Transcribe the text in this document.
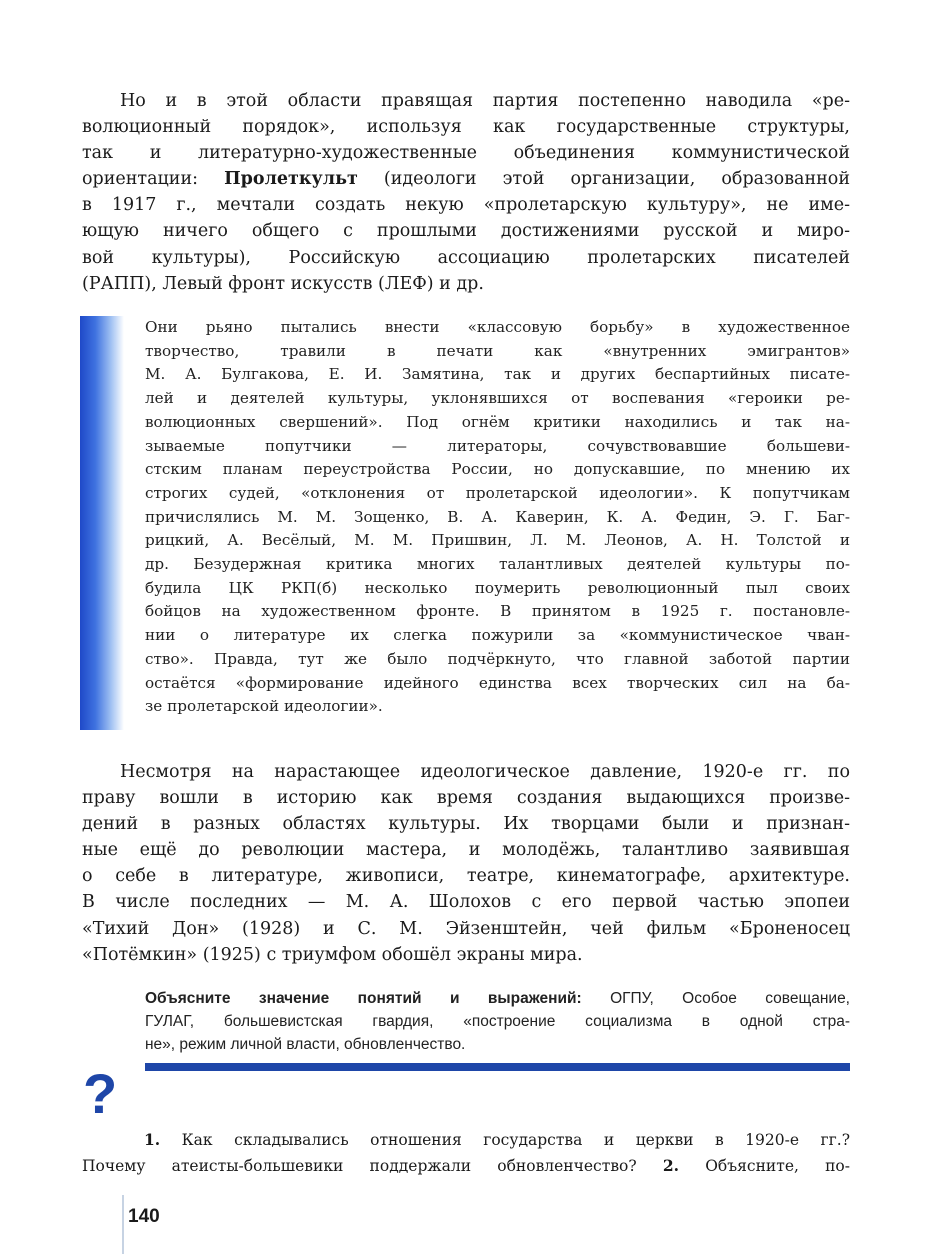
Но и в этой области правящая партия постепенно наводила «ре-
волюционный порядок», используя как государственные структуры,
так и литературно-художественные объединения коммунистической
ориентации: Пролеткульт (идеологи этой организации, образованной
в 1917 г., мечтали создать некую «пролетарскую культуру», не име-
ющую ничего общего с прошлыми достижениями русской и миро-
вой культуры), Российскую ассоциацию пролетарских писателей
(РАПП), Левый фронт искусств (ЛЕФ) и др.
Они рьяно пытались внести «классовую борьбу» в художественное
творчество, травили в печати как «внутренних эмигрантов»
М. А. Булгакова, Е. И. Замятина, так и других беспартийных писате-
лей и деятелей культуры, уклонявшихся от воспевания «героики ре-
волюционных свершений». Под огнём критики находились и так на-
зываемые попутчики — литераторы, сочувствовавшие большеви-
стским планам переустройства России, но допускавшие, по мнению их
строгих судей, «отклонения от пролетарской идеологии». К попутчикам
причислялись М. М. Зощенко, В. А. Каверин, К. А. Федин, Э. Г. Баг-
рицкий, А. Весёлый, М. М. Пришвин, Л. М. Леонов, А. Н. Толстой и
др. Безудержная критика многих талантливых деятелей культуры по-
будила ЦК РКП(б) несколько поумерить революционный пыл своих
бойцов на художественном фронте. В принятом в 1925 г. постановле-
нии о литературе их слегка пожурили за «коммунистическое чван-
ство». Правда, тут же было подчёркнуто, что главной заботой партии
остаётся «формирование идейного единства всех творческих сил на ба-
зе пролетарской идеологии».
Несмотря на нарастающее идеологическое давление, 1920-е гг. по
праву вошли в историю как время создания выдающихся произве-
дений в разных областях культуры. Их творцами были и признан-
ные ещё до революции мастера, и молодёжь, талантливо заявившая
о себе в литературе, живописи, театре, кинематографе, архитектуре.
В числе последних — М. А. Шолохов с его первой частью эпопеи
«Тихий Дон» (1928) и С. М. Эйзенштейн, чей фильм «Броненосец
«Потёмкин» (1925) с триумфом обошёл экраны мира.
Объясните значение понятий и выражений: ОГПУ, Особое совещание,
ГУЛАГ, большевистская гвардия, «построение социализма в одной стра-
не», режим личной власти, обновленчество.
?
1. Как складывались отношения государства и церкви в 1920-е гг.?
Почему атеисты-большевики поддержали обновленчество? 2. Объясните, по-
140
